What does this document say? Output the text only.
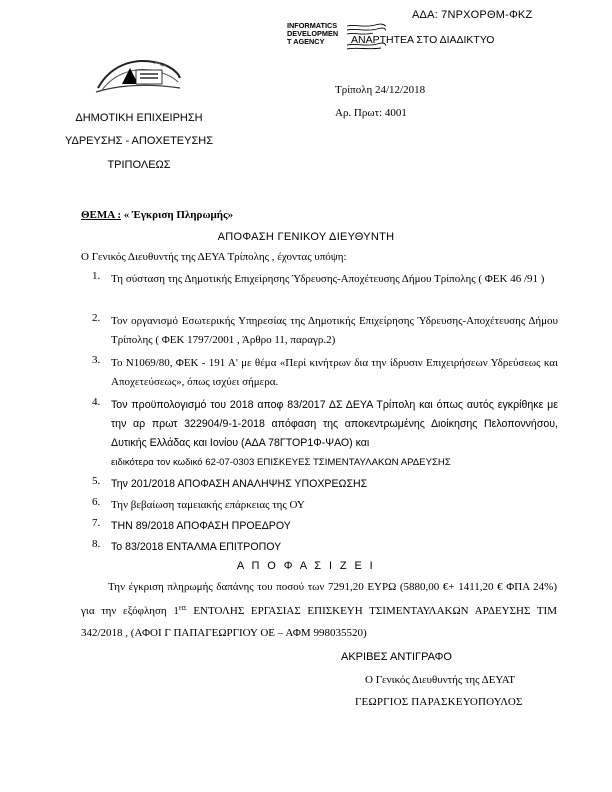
ΑΔΑ: 7ΝΡΧΟΡΘΜ-ΦΚΖ
INFORMATICS
DEVELOPMEN
T AGENCY	ΑΝΑΡΤΗΤΕΑ ΣΤΟ ΔΙΑΔΙΚΤΥΟ
ΔΗΜΟΤΙΚΗ ΕΠΙΧΕΙΡΗΣΗ
ΥΔΡΕΥΣΗΣ - ΑΠΟΧΕΤΕΥΣΗΣ
ΤΡΙΠΟΛΕΩΣ
Τρίπολη 24/12/2018
Αρ. Πρωτ: 4001
ΘΕΜΑ : « Έγκριση Πληρωμής»
ΑΠΟΦΑΣΗ ΓΕΝΙΚΟΥ ΔΙΕΥΘΥΝΤΗ
Ο Γενικός Διευθυντής της ΔΕΥΑ Τρίπολης , έχοντας υπόψη:
1. Τη σύσταση της Δημοτικής Επιχείρησης Ύδρευσης-Αποχέτευσης Δήμου Τρίπολης ( ΦΕΚ 46 /91 )
2. Τον οργανισμό Εσωτερικής Υπηρεσίας της Δημοτικής Επιχείρησης Ύδρευσης-Αποχέτευσης Δήμου Τρίπολης ( ΦΕΚ 1797/2001 , Άρθρο 11, παραγρ.2)
3. Το Ν1069/80, ΦΕΚ - 191 Α' με θέμα «Περί κινήτρων δια την ίδρυσιν Επιχειρήσεων Υδρεύσεως και Αποχετεύσεως», όπως ισχύει σήμερα.
4. Τον προϋπολογισμό του 2018 αποφ 83/2017 ΔΣ ΔΕΥΑ Τρίπολη και όπως αυτός εγκρίθηκε με την αρ πρωτ 322904/9-1-2018 απόφαση της αποκεντρωμένης Διοίκησης Πελοποννήσου, Δυτικής Ελλάδας και Ιονίου (ΑΔΑ 78ΓΤΟΡ1Φ-ΨΑΟ) και
ειδικότερα τον κωδικό 62-07-0303 ΕΠΙΣΚΕΥΕΣ ΤΣΙΜΕΝΤΑΥΛΑΚΩΝ ΑΡΔΕΥΣΗΣ
5. Την 201/2018 ΑΠΟΦΑΣΗ ΑΝΑΛΗΨΗΣ ΥΠΟΧΡΕΩΣΗΣ
6. Την βεβαίωση ταμειακής επάρκειας της ΟΥ
7. ΤΗΝ 89/2018 ΑΠΟΦΑΣΗ ΠΡΟΕΔΡΟΥ
8. Το 83/2018 ΕΝΤΑΛΜΑ ΕΠΙΤΡΟΠΟΥ
Α Π Ο Φ Α Σ Ι Ζ Ε Ι
Την έγκριση πληρωμής δαπάνης του ποσού των 7291,20 ΕΥΡΩ (5880,00 €+ 1411,20 € ΦΠΑ 24%) για την εξόφληση $1^{H\Sigma}$ ΕΝΤΟΛΗΣ ΕΡΓΑΣΙΑΣ ΕΠΙΣΚΕΥΗ ΤΣΙΜΕΝΤΑΥΛΑΚΩΝ ΑΡΔΕΥΣΗΣ ΤΙΜ 342/2018 , (ΑΦΟΙ Γ ΠΑΠΑΓΕΩΡΓΙΟΥ ΟΕ – ΑΦΜ 998035520)
ΑΚΡΙΒΕΣ ΑΝΤΙΓΡΑΦΟ
Ο Γενικός Διευθυντής της ΔΕΥΑΤ
ΓΕΩΡΓΙΟΣ ΠΑΡΑΣΚΕΥΟΠΟΥΛΟΣ
